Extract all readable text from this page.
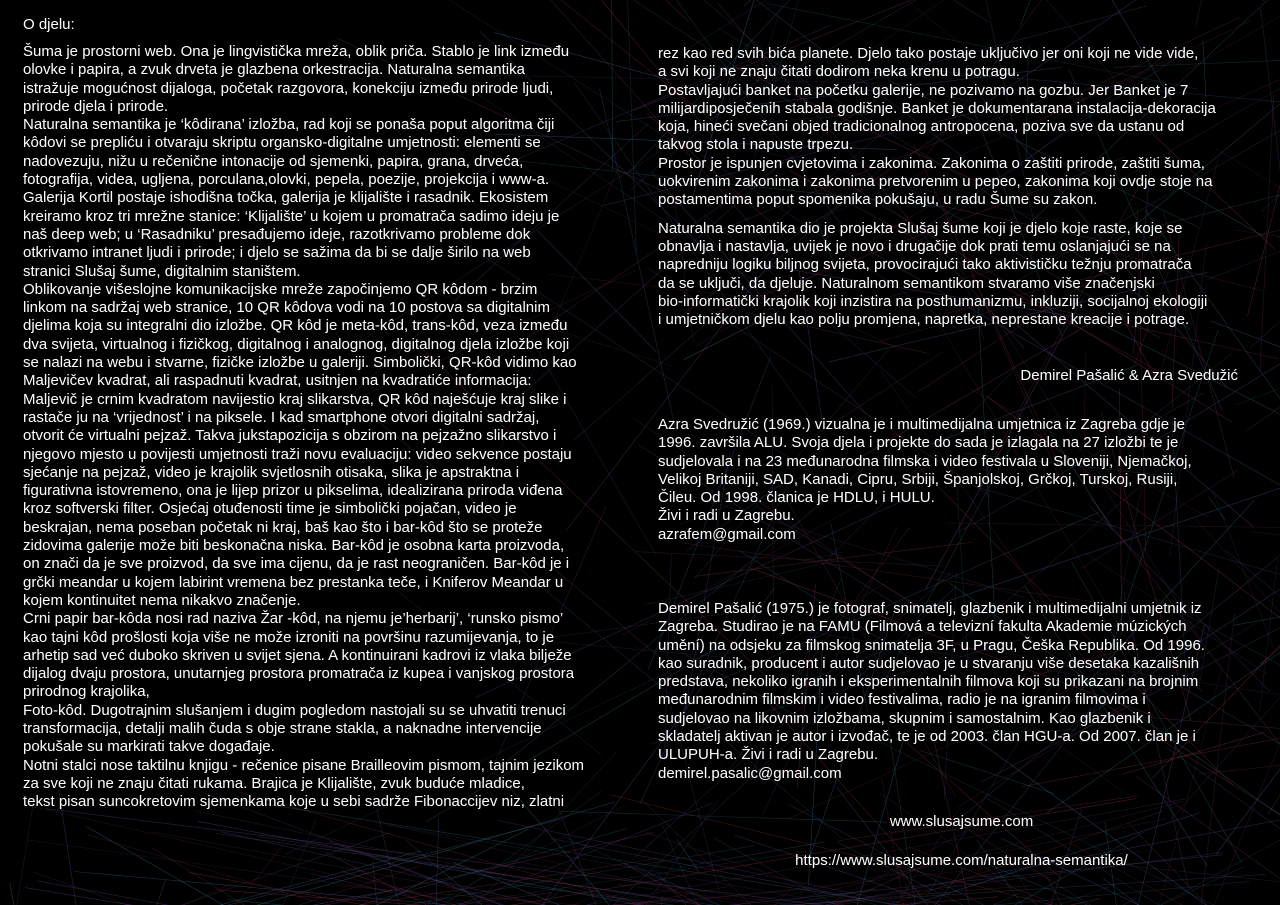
O djelu:

Šuma je prostorni web. Ona je lingvistička mreža, oblik priča. Stablo je link između
olovke i papira, a zvuk drveta je glazbena orkestracija. Naturalna semantika
istražuje mogućnost dijaloga, početak razgovora, konekciju između prirode ljudi,
prirode djela i prirode.

Naturalna semantika je ‘kôdirana’ izložba, rad koji se ponaša poput algoritma čiji
kôdovi se prepliću i otvaraju skriptu organsko-digitalne umjetnosti: elementi se
nadovezuju, nižu u rečenične intonacije od sjemenki, papira, grana, drveća,
fotografija, videa, ugljena, porculana,olovki, pepela, poezije, projekcija i www-a.
Galerija Kortil postaje ishodišna točka, galerija je klijalište i rasadnik. Ekosistem
kreiramo kroz tri mrežne stanice: ‘Klijalište’ u kojem u promatrača sadimo ideju je
naš deep web; u ‘Rasadniku’ presađujemo ideje, razotkrivamo probleme dok
otkrivamo intranet ljudi i prirode; i djelo se sažima da bi se dalje širilo na web
stranici Slušaj šume, digitalnim staništem.

Oblikovanje višeslojne komunikacijske mreže započinjemo QR kôdom - brzim
linkom na sadržaj web stranice, 10 QR kôdova vodi na 10 postova sa digitalnim
djelima koja su integralni dio izložbe. QR kôd je meta-kôd, trans-kôd, veza između
dva svijeta, virtualnog i fizičkog, digitalnog i analognog, digitalnog djela izložbe koji
se nalazi na webu i stvarne, fizičke izložbe u galeriji. Simbolički, QR-kôd vidimo kao
Maljevičev kvadrat, ali raspadnuti kvadrat, usitnjen na kvadratiće informacija:
Maljevič je crnim kvadratom navijestio kraj slikarstva, QR kôd naješćuje kraj slike i
rastače ju na ‘vrijednost’ i na piksele. I kad smartphone otvori digitalni sadržaj,
otvorit će virtualni pejzaž. Takva jukstapozicija s obzirom na pejzažno slikarstvo i
njegovo mjesto u povijesti umjetnosti traži novu evaluaciju: video sekvence postaju
sjećanje na pejzaž, video je krajolik svjetlosnih otisaka, slika je apstraktna i
figurativna istovremeno, ona je lijep prizor u pikselima, idealizirana priroda viđena
kroz softverski filter. Osjećaj otuđenosti time je simbolički pojačan, video je
beskrajan, nema poseban početak ni kraj, baš kao što i bar-kôd što se proteže
zidovima galerije može biti beskonačna niska. Bar-kôd je osobna karta proizvoda,
on znači da je sve proizvod, da sve ima cijenu, da je rast neograničen. Bar-kôd je i
grčki meandar u kojem labirint vremena bez prestanka teče, i Kniferov Meandar u
kojem kontinuitet nema nikakvo značenje.

Crni papir bar-kôda nosi rad naziva Žar -kôd, na njemu je’herbarij’, ‘runsko pismo’
kao tajni kôd prošlosti koja više ne može izroniti na površinu razumijevanja, to je
arhetip sad već duboko skriven u svijet sjena. A kontinuirani kadrovi iz vlaka bilježe
dijalog dvaju prostora, unutarnjeg prostora promatrača iz kupea i vanjskog prostora
prirodnog krajolika,

Foto-kôd. Dugotrajnim slušanjem i dugim pogledom nastojali su se uhvatiti trenuci
transformacija, detalji malih čuda s obje strane stakla, a naknadne intervencije
pokušale su markirati takve događaje.

Notni stalci nose taktilnu knjigu - rečenice pisane Brailleovim pismom, tajnim jezikom
za sve koji ne znaju čitati rukama. Brajica je Klijalište, zvuk buduće mladice,
tekst pisan suncokretovim sjemenkama koje u sebi sadrže Fibonaccijev niz, zlatni

rez kao red svih bića planete. Djelo tako postaje uključivo jer oni koji ne vide vide,
a svi koji ne znaju čitati dodirom neka krenu u potragu.

Postavljajući banket na početku galerije, ne pozivamo na gozbu. Jer Banket je 7
milijardiposječenih stabala godišnje. Banket je dokumentarana instalacija-dekoracija
koja, hineći svečani objed tradicionalnog antropocena, poziva sve da ustanu od
takvog stola i napuste trpezu.

Prostor je ispunjen cvjetovima i zakonima. Zakonima o zaštiti prirode, zaštiti šuma,
uokvirenim zakonima i zakonima pretvorenim u pepeo, zakonima koji ovdje stoje na
postamentima poput spomenika pokušaju, u radu Šume su zakon.

Naturalna semantika dio je projekta Slušaj šume koji je djelo koje raste, koje se
obnavlja i nastavlja, uvijek je novo i drugačije dok prati temu oslanjajući se na
napredniju logiku biljnog svijeta, provocirajući tako aktivističku težnju promatrača
da se uključi, da djeluje. Naturalnom semantikom stvaramo više značenjski
bio-informatički krajolik koji inzistira na posthumanizmu, inkluziji, socijalnoj ekologiji
i umjetničkom djelu kao polju promjena, napretka, neprestane kreacije i potrage.

Demirel Pašalić & Azra Svedužić

Azra Svedružić (1969.) vizualna je i multimedijalna umjetnica iz Zagreba gdje je
1996. završila ALU. Svoja djela i projekte do sada je izlagala na 27 izložbi te je
sudjelovala i na 23 međunarodna filmska i video festivala u Sloveniji, Njemačkoj,
Velikoj Britaniji, SAD, Kanadi, Cipru, Srbiji, Španjolskoj, Grčkoj, Turskoj, Rusiji,
Čileu. Od 1998. članica je HDLU, i HULU.

Živi i radi u Zagrebu.

azrafem@gmail.com

Demirel Pašalić (1975.) je fotograf, snimatelj, glazbenik i multimedijalni umjetnik iz
Zagreba. Studirao je na FAMU (Filmová a televizní fakulta Akademie múzických
umění) na odsjeku za filmskog snimatelja 3F, u Pragu, Češka Republika. Od 1996.
kao suradnik, producent i autor sudjelovao je u stvaranju više desetaka kazališnih
predstava, nekoliko igranih i eksperimentalnih filmova koji su prikazani na brojnim
međunarodnim filmskim i video festivalima, radio je na igranim filmovima i
sudjelovao na likovnim izložbama, skupnim i samostalnim. Kao glazbenik i
skladatelj aktivan je autor i izvođač, te je od 2003. član HGU-a. Od 2007. član je i
ULUPUH-a. Živi i radi u Zagrebu.

demirel.pasalic@gmail.com

www.slusajsume.com
https://www.slusajsume.com/naturalna-semantika/
